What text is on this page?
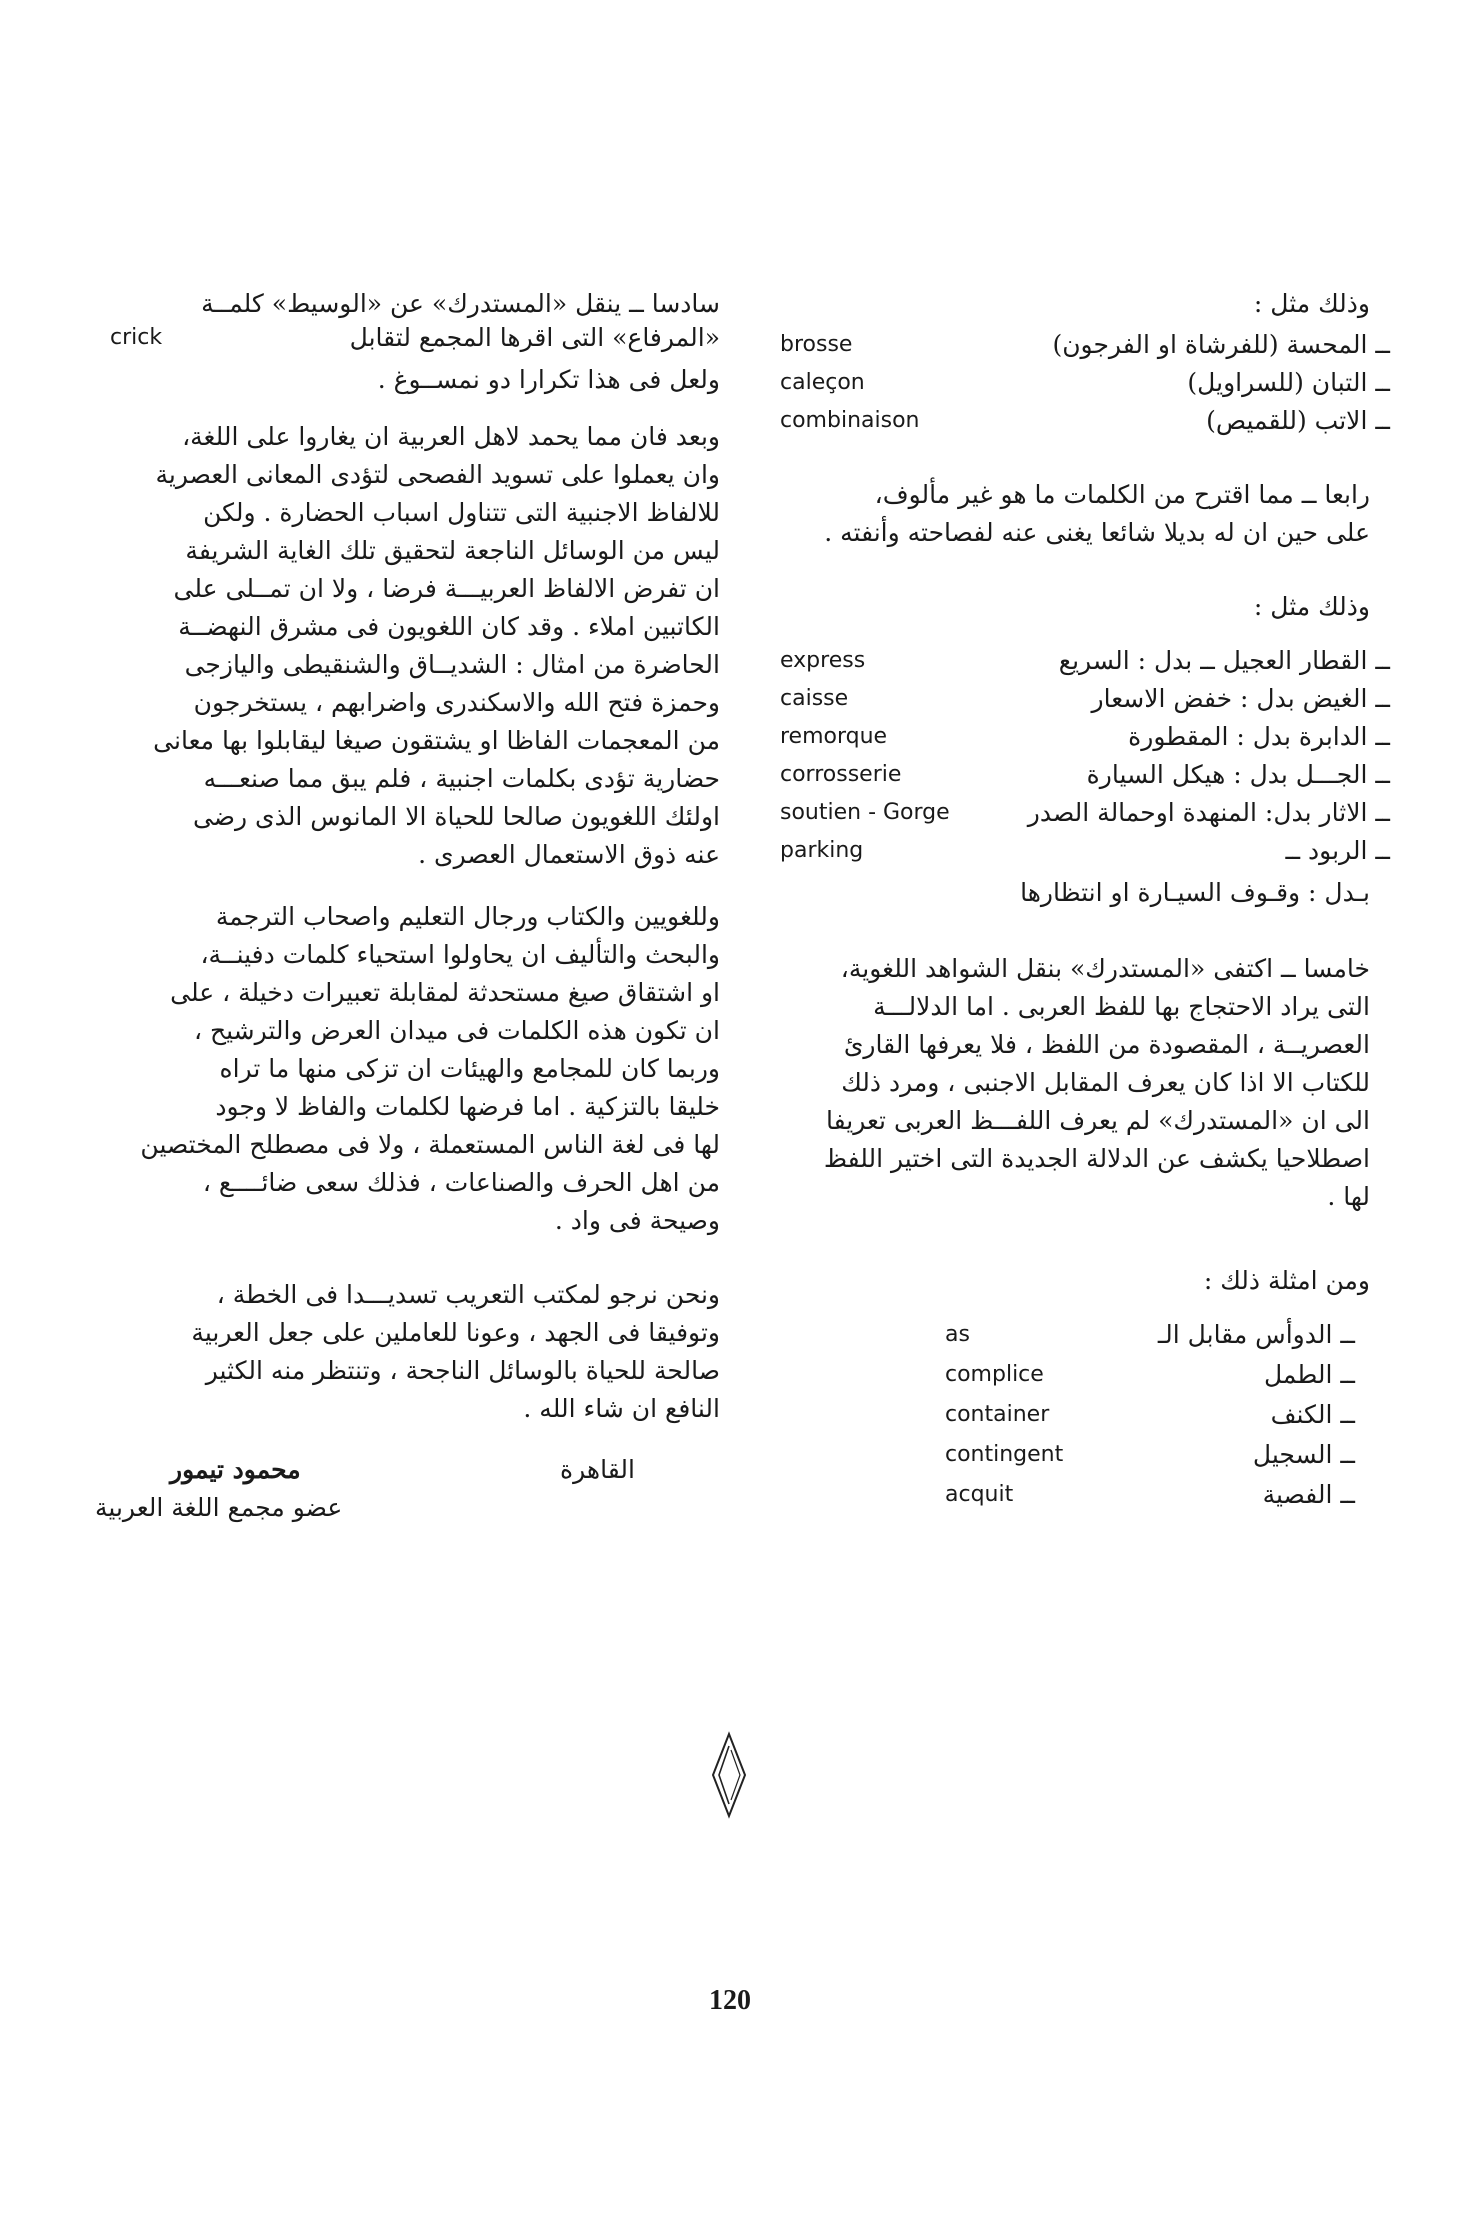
وذلك مثل :
ــ المحسة (للفرشاة او الفرجون)
brosse
ــ التبان (للسراويل)
caleçon
ــ الاتب (للقميص)
combinaison
رابعا ــ مما اقترح من الكلمات ما هو غير مألوف،
على حين ان له بديلا شائعا يغنى عنه لفصاحته وأنفته .
وذلك مثل :
ــ القطار العجيل ــ بدل : السريع
express
ــ الغيض بدل : خفض الاسعار
caisse
ــ الدابرة بدل : المقطورة
remorque
ــ الجـــل بدل : هيكل السيارة
corrosserie
ــ الاثار بدل: المنهدة اوحمالة الصدر
soutien - Gorge
ــ الربود ــ
parking
بـدل : وقـوف السيـارة او انتظارها
خامسا ــ اكتفى «المستدرك» بنقل الشواهد اللغوية،
التى يراد الاحتجاج بها للفظ العربى . اما الدلالـــة
العصريــة ، المقصودة من اللفظ ، فلا يعرفها القارئ
للكتاب الا اذا كان يعرف المقابل الاجنبى ، ومرد ذلك
الى ان «المستدرك» لم يعرف اللفـــظ العربى تعريفا
اصطلاحيا يكشف عن الدلالة الجديدة التى اختير اللفظ
لها .
ومن امثلة ذلك :
ــ الدوأس مقابل الـ
as
ــ الطمل
complice
ــ الكنف
container
ــ السجيل
contingent
ــ الفصية
acquit
سادسا ــ ينقل «المستدرك» عن «الوسيط» كلمــة
«المرفاع» التى اقرها المجمع لتقابل
crick
ولعل فى هذا تكرارا دو نمســوغ .
وبعد فان مما يحمد لاهل العربية ان يغاروا على اللغة،
وان يعملوا على تسويد الفصحى لتؤدى المعانى العصرية
للالفاظ الاجنبية التى تتناول اسباب الحضارة . ولكن
ليس من الوسائل الناجعة لتحقيق تلك الغاية الشريفة
ان تفرض الالفاظ العربيـــة فرضا ، ولا ان تمــلى على
الكاتبين املاء . وقد كان اللغويون فى مشرق النهضــة
الحاضرة من امثال : الشديــاق والشنقيطى واليازجى
وحمزة فتح الله والاسكندرى واضرابهم ، يستخرجون
من المعجمات الفاظا او يشتقون صيغا ليقابلوا بها معانى
حضارية تؤدى بكلمات اجنبية ، فلم يبق مما صنعـــه
اولئك اللغويون صالحا للحياة الا المانوس الذى رضى
عنه ذوق الاستعمال العصرى .
وللغويين والكتاب ورجال التعليم واصحاب الترجمة
والبحث والتأليف ان يحاولوا استحياء كلمات دفينــة،
او اشتقاق صيغ مستحدثة لمقابلة تعبيرات دخيلة ، على
ان تكون هذه الكلمات فى ميدان العرض والترشيح ،
وربما كان للمجامع والهيئات ان تزكى منها ما تراه
خليقا بالتزكية . اما فرضها لكلمات والفاظ لا وجود
لها فى لغة الناس المستعملة ، ولا فى مصطلح المختصين
من اهل الحرف والصناعات ، فذلك سعى ضائــــع ،
وصيحة فى واد .
ونحن نرجو لمكتب التعريب تسديـــدا فى الخطة ،
وتوفيقا فى الجهد ، وعونا للعاملين على جعل العربية
صالحة للحياة بالوسائل الناجحة ، وتنتظر منه الكثير
النافع ان شاء الله .
القاهرة
محمود تيمور
عضو مجمع اللغة العربية
120
